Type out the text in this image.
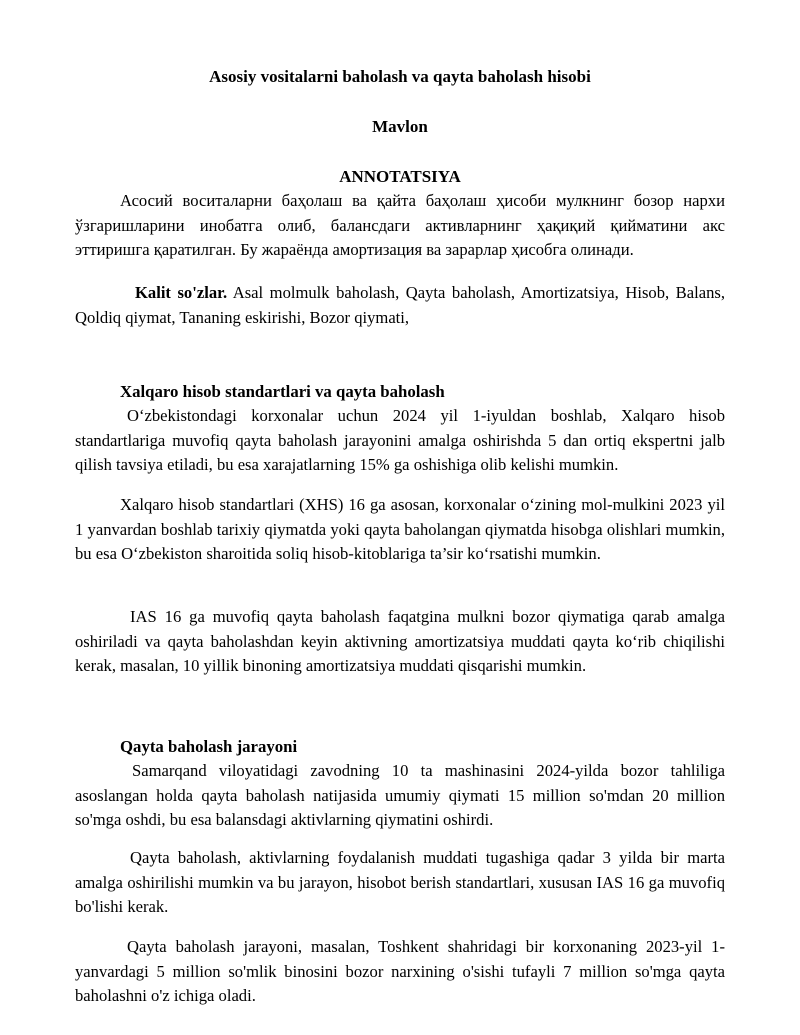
Asosiy vositalarni baholash va qayta baholash hisobi
Mavlon
ANNOTATSIYA

Асосий воситаларни баҳолаш ва қайта баҳолаш ҳисоби мулкнинг бозор нархи ўзгаришларини инобатга олиб, балансдаги активларнинг ҳақиқий қийматини акс эттиришга қаратилган. Бу жараёнда амортизация ва зарарлар ҳисобга олинади.

Kalit so'zlar. Asal molmulk baholash, Qayta baholash, Amortizatsiya, Hisob, Balans, Qoldiq qiymat, Tananing eskirishi, Bozor qiymati,

Xalqaro hisob standartlari va qayta baholash

O‘zbekistondagi korxonalar uchun 2024 yil 1-iyuldan boshlab, Xalqaro hisob standartlariga muvofiq qayta baholash jarayonini amalga oshirishda 5 dan ortiq ekspertni jalb qilish tavsiya etiladi, bu esa xarajatlarning 15% ga oshishiga olib kelishi mumkin.

Xalqaro hisob standartlari (XHS) 16 ga asosan, korxonalar o‘zining mol-mulkini 2023 yil 1 yanvardan boshlab tarixiy qiymatda yoki qayta baholangan qiymatda hisobga olishlari mumkin, bu esa O‘zbekiston sharoitida soliq hisob-kitoblariga ta’sir ko‘rsatishi mumkin.

IAS 16 ga muvofiq qayta baholash faqatgina mulkni bozor qiymatiga qarab amalga oshiriladi va qayta baholashdan keyin aktivning amortizatsiya muddati qayta ko‘rib chiqilishi kerak, masalan, 10 yillik binoning amortizatsiya muddati qisqarishi mumkin.

Qayta baholash jarayoni

Samarqand viloyatidagi zavodning 10 ta mashinasini 2024-yilda bozor tahliliga asoslangan holda qayta baholash natijasida umumiy qiymati 15 million so'mdan 20 million so'mga oshdi, bu esa balansdagi aktivlarning qiymatini oshirdi.

Qayta baholash, aktivlarning foydalanish muddati tugashiga qadar 3 yilda bir marta amalga oshirilishi mumkin va bu jarayon, hisobot berish standartlari, xususan IAS 16 ga muvofiq bo'lishi kerak.

Qayta baholash jarayoni, masalan, Toshkent shahridagi bir korxonaning 2023-yil 1-yanvardagi 5 million so'mlik binosini bozor narxining o'sishi tufayli 7 million so'mga qayta baholashni o'z ichiga oladi.
